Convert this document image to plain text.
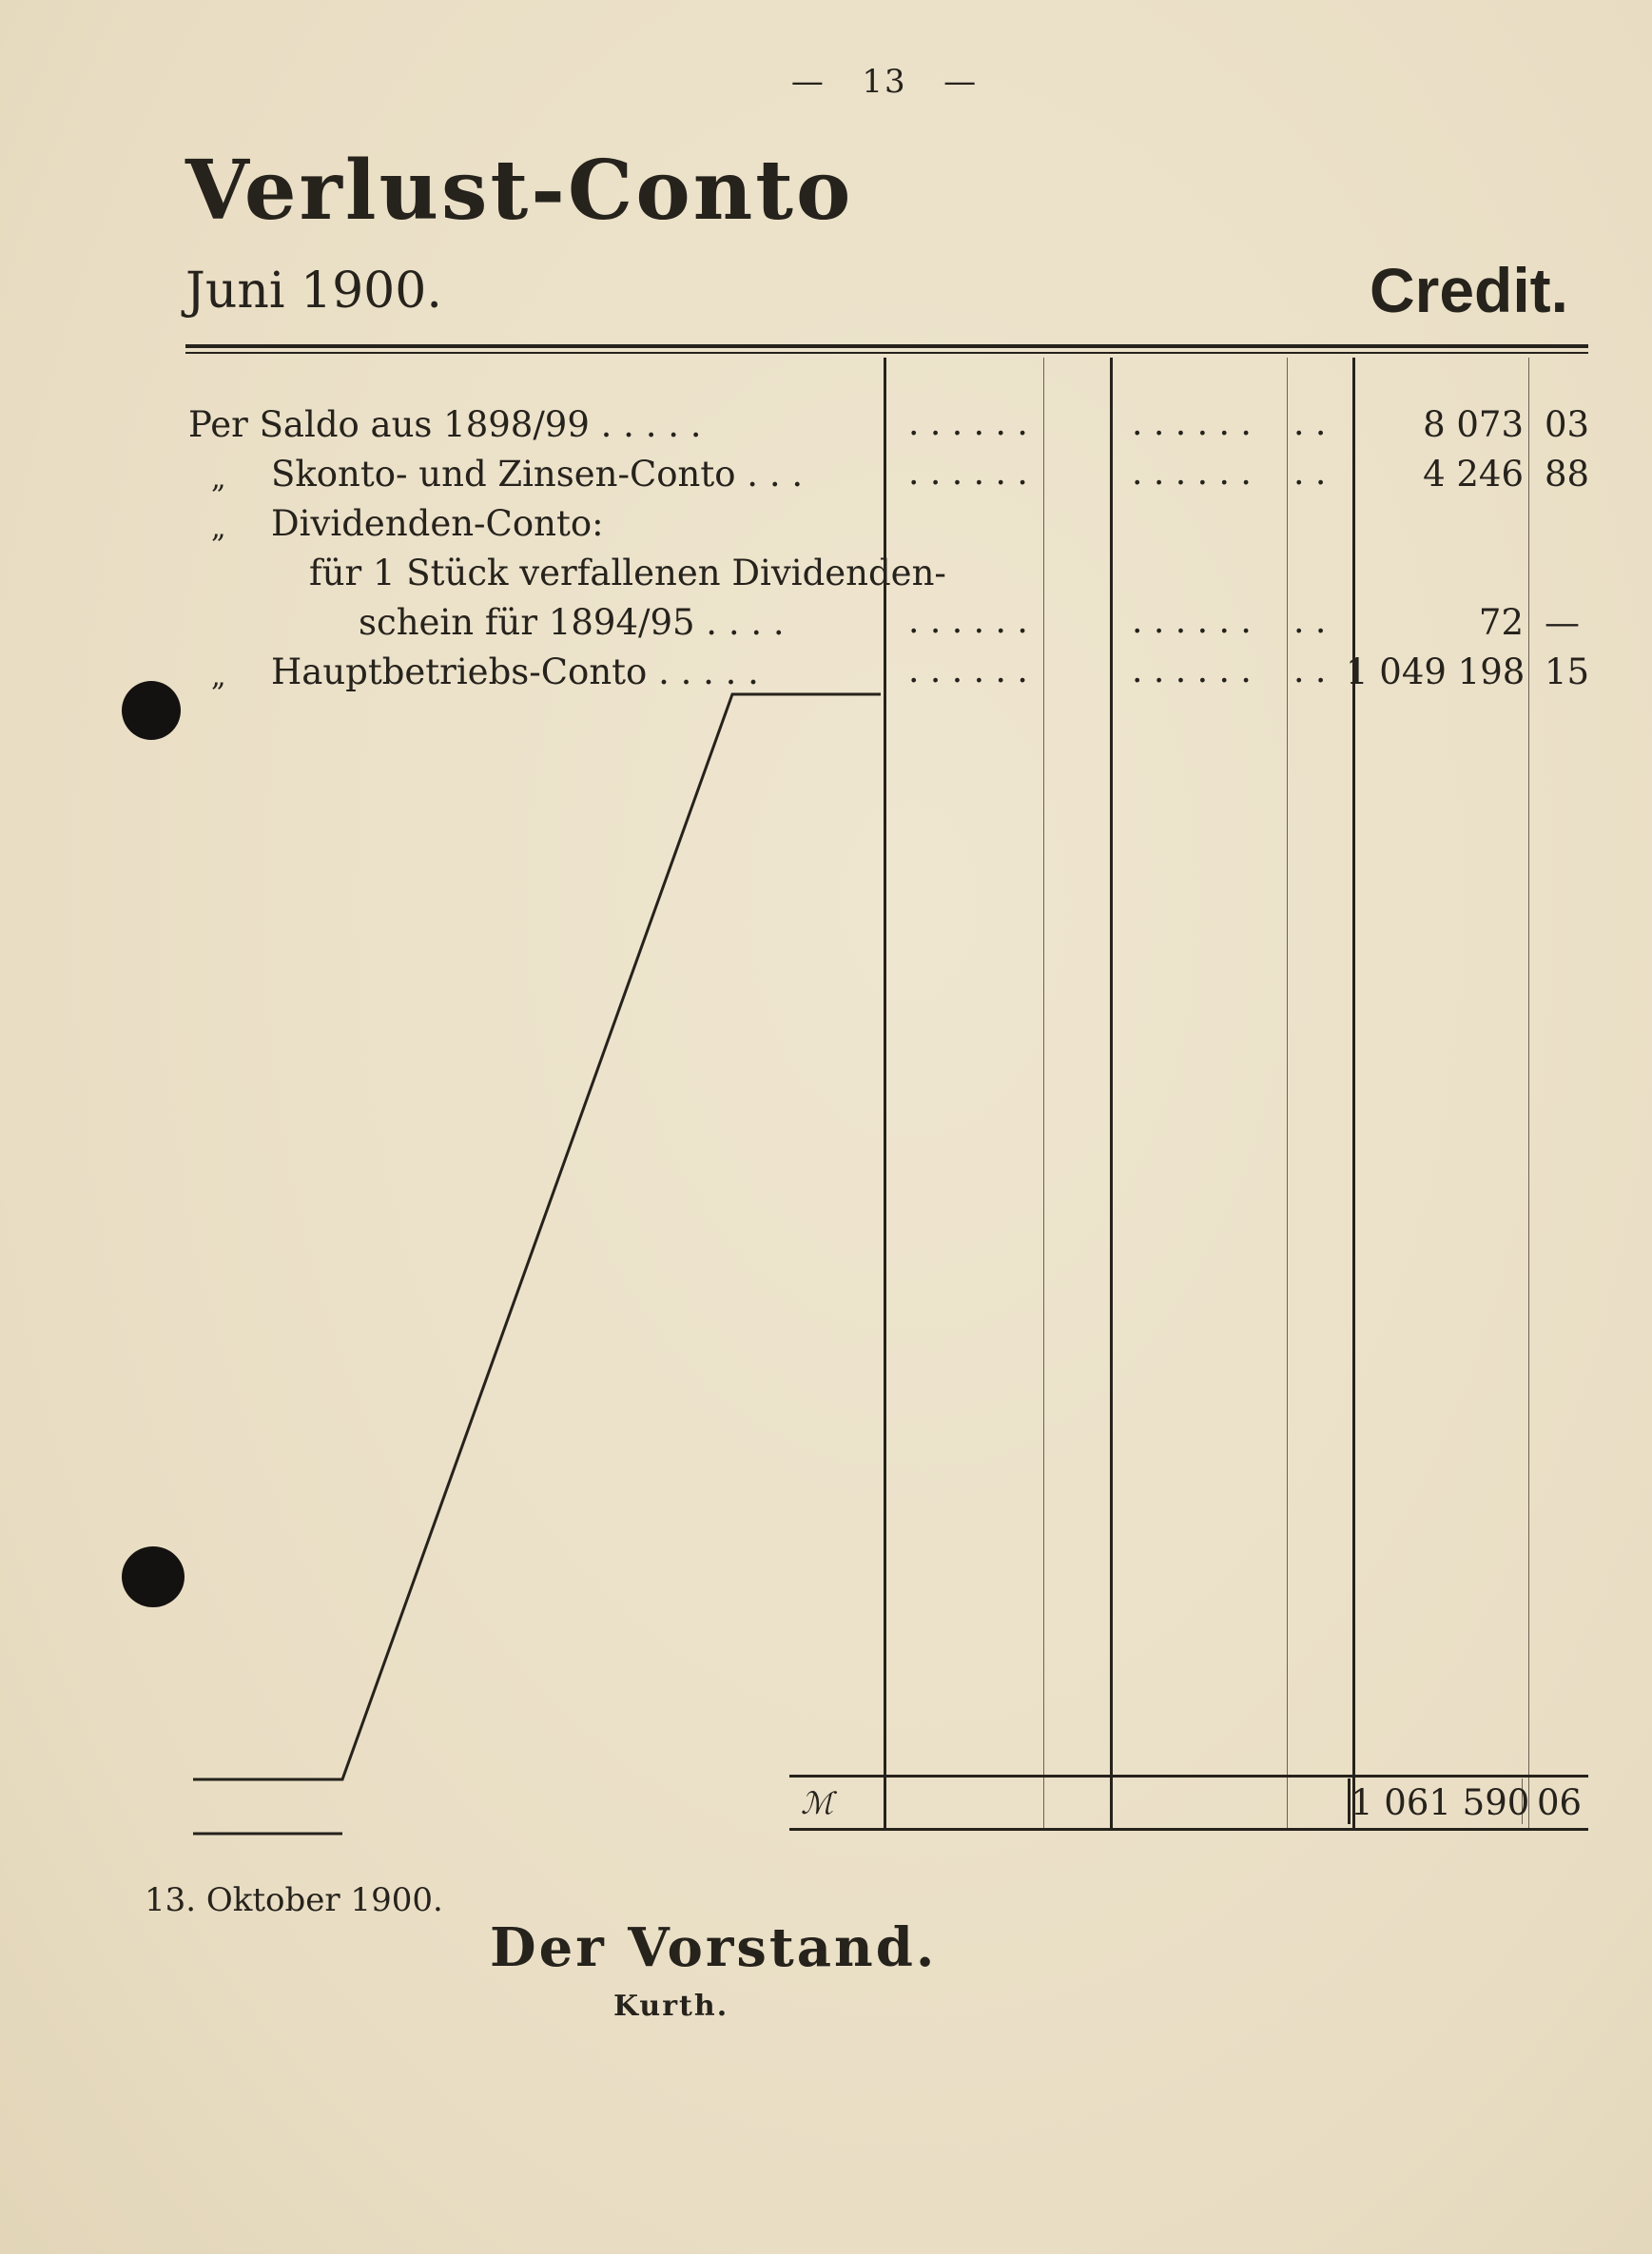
— 13 —
Verlust-Conto
Juni 1900.	Credit.
Per Saldo aus 1898/99 . . . . .	. . . . . .	. . . . . . . .	8 073 03
„ Skonto- und Zinsen-Conto . . .	. . . . . .	. . . . . . . .	4 246 88
„ Dividenden-Conto:
für 1 Stück verfallenen Dividenden-
schein für 1894/95 . . . .	. . . . . .	. . . . . . . .	72 —
„ Hauptbetriebs-Conto . . . . .	. . . . . .	. . . . . . . . 1 049 198 15
ℳ	1 061 590 06
13. Oktober 1900.
Der Vorstand.
Kurth.
